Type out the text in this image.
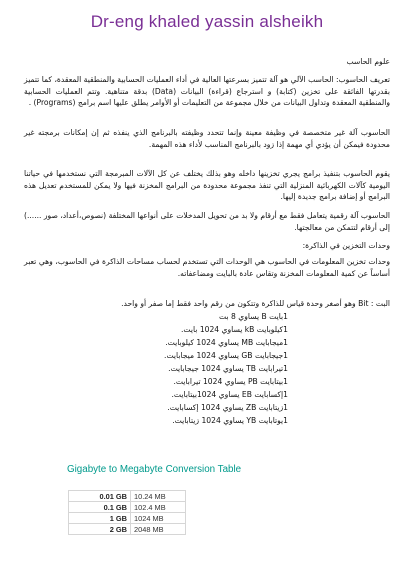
Dr-eng khaled yassin alsheikh
علوم الحاسب
تعريف الحاسوب: الحاسب الآلي هو آلة تتميز بسرعتها العالية في أداء العمليات الحسابية والمنطقية المعقدة، كما تتميز بقدرتها الفائقة على تخزين (كتابة) و استرجاع (قراءة) البيانات (Data) بدقة متناهية. وتتم العمليات الحسابية والمنطقية المعقدة وتداول البيانات من خلال مجموعة من التعليمات أو الأوامر يطلق عليها اسم برامج (Programs) .
الحاسوب آلة غير متخصصة في وظيفة معينة وإنما تتحدد وظيفته بالبرنامج الذي ينفذه ثم إن إمكانات برمجته غير محدودة فيمكن أن يؤدي أي مهمة إذا زود بالبرنامج المناسب لأداء هذه المهمة.
يقوم الحاسوب بتنفيذ برامج يجري تخزينها داخله وهو بذلك يختلف عن كل الآلات المبرمجة التي نستخدمها في حياتنا اليومية كآلات الكهربائية المنزلية التي تنفذ مجموعة محدودة من البرامج المخزنة فيها ولا يمكن للمستخدم تعديل هذه البرامج أو إضافة برامج جديدة إليها.
الحاسوب آلة رقمية يتعامل فقط مع أرقام ولا بد من تحويل المدخلات على أنواعها المختلفة (نصوص،أعداد، صور ......) إلى أرقام لتتمكن من معالجتها.
وحدات التخزين في الذاكرة:
وحدات تخزين المعلومات في الحاسوب هي الوحدات التي تستخدم لحساب مساحات الذاكرة في الحاسوب، وهي تعبر أساساً عن كمية المعلومات المخزنة وتقاس عادة بالبايت ومضاعفاته.
البت : Bit وهو أصغر وحدة قياس للذاكرة وتتكون من رقم واحد فقط إما صفر أو واحد.
1بايت B يساوي 8 بت
1كيلوبايت kB يساوي 1024 بايت.
1ميجابايت MB يساوي 1024 كيلوبايت.
1جيجابايت GB يساوي 1024 ميجابايت.
1تيرابايت TB يساوي 1024 جيجابايت.
1بيتابايت PB يساوي 1024 تيرابايت.
1إكسابايت EB يساوي 1024بيتابايت.
1زيتابايت ZB يساوي 1024 إكسابايت.
1يوتابايت YB يساوي 1024 زيتابايت.
Gigabyte to Megabyte Conversion Table
0.01 GB	10.24 MB
0.1 GB	102.4 MB
1 GB	1024 MB
2 GB	2048 MB
